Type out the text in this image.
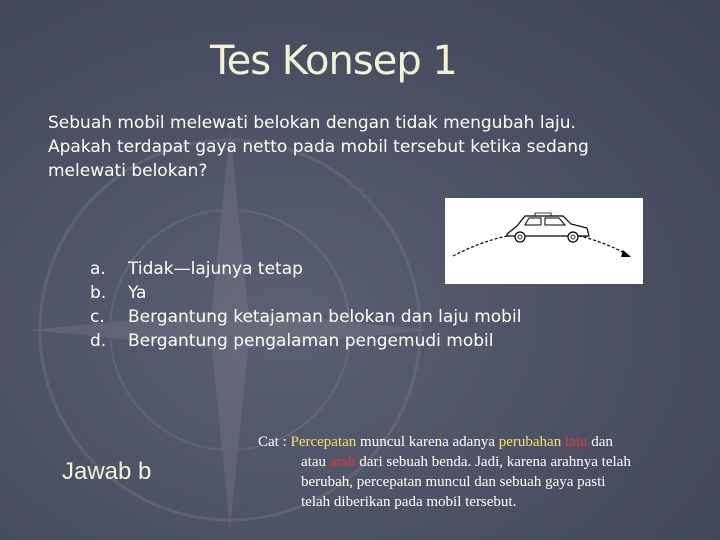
Tes Konsep 1
Sebuah mobil melewati belokan dengan tidak mengubah laju.
Apakah terdapat gaya netto pada mobil tersebut ketika sedang
melewati belokan?
a.	Tidak—lajunya tetap
b.	Ya
c.	Bergantung ketajaman belokan dan laju mobil
d.	Bergantung pengalaman pengemudi mobil
Jawab b
Cat : Percepatan muncul karena adanya perubahan laju dan
atau arah dari sebuah benda. Jadi, karena arahnya telah
berubah, percepatan muncul dan sebuah gaya pasti
telah diberikan pada mobil tersebut.
